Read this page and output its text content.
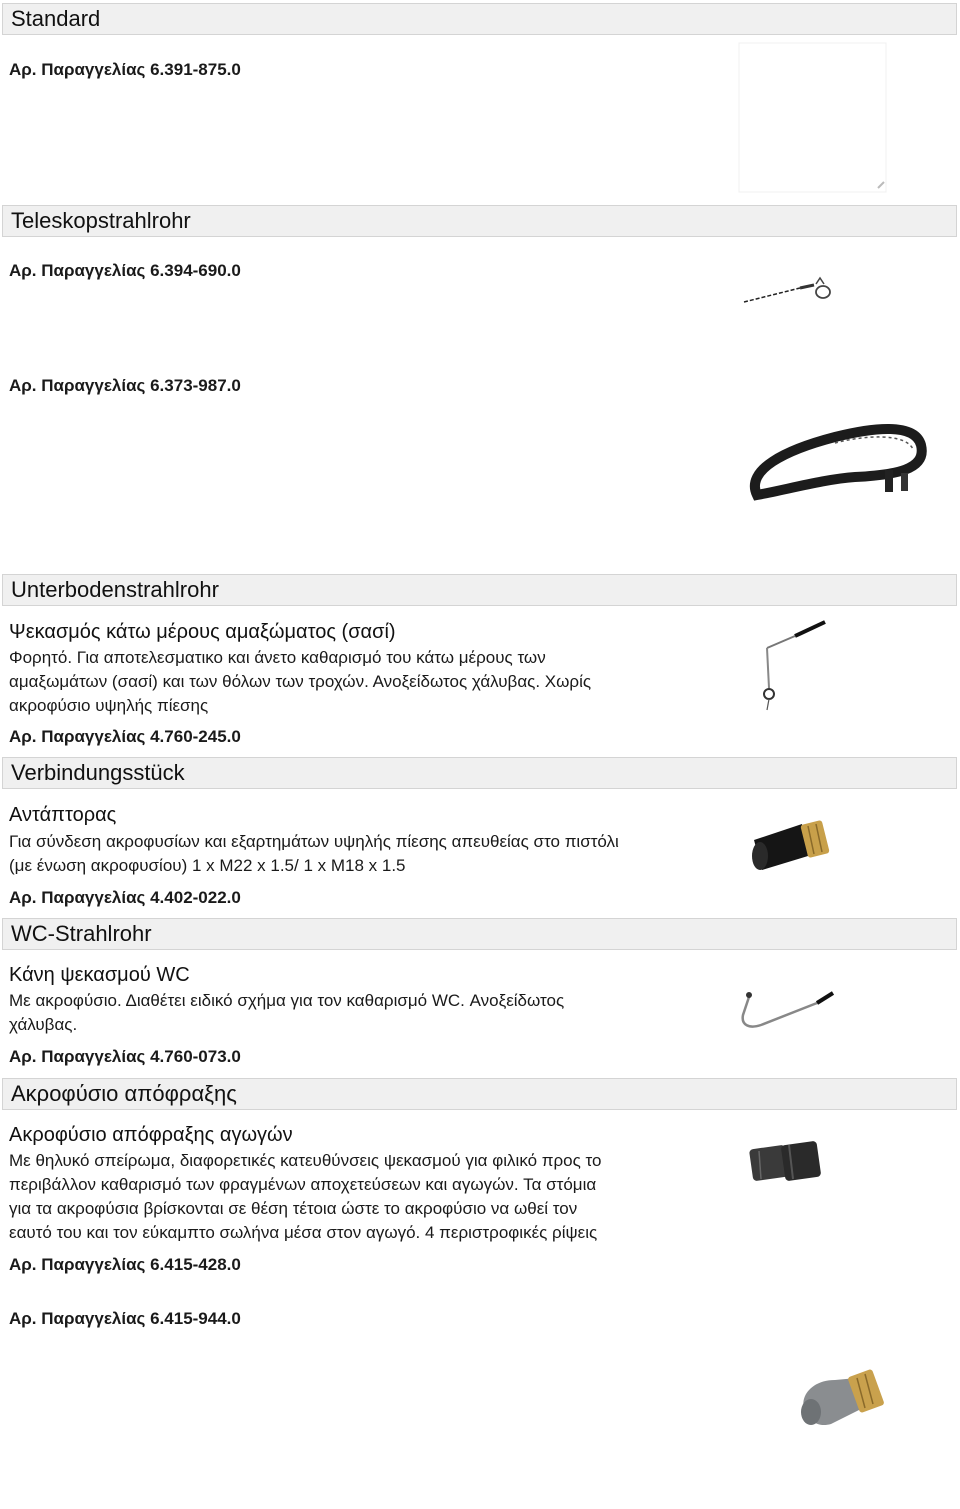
Standard
Αρ. Παραγγελίας 6.391-875.0
Teleskopstrahlrohr
Αρ. Παραγγελίας 6.394-690.0
Αρ. Παραγγελίας 6.373-987.0
Unterbodenstrahlrohr
Ψεκασμός κάτω μέρους αμαξώματος (σασί)
Φορητό. Για αποτελεσματικο και άνετο καθαρισμό του κάτω μέρους των
αμαξωμάτων (σασί) και των θόλων των τροχών. Ανοξείδωτος χάλυβας. Χωρίς
ακροφύσιο υψηλής πίεσης
Αρ. Παραγγελίας 4.760-245.0
Verbindungsstück
Αντάπτορας
Για σύνδεση ακροφυσίων και εξαρτημάτων υψηλής πίεσης απευθείας στο πιστόλι
(με ένωση ακροφυσίου) 1 x M22 x 1.5/ 1 x M18 x 1.5
Αρ. Παραγγελίας 4.402-022.0
WC-Strahlrohr
Κάνη ψεκασμού WC
Με ακροφύσιο. Διαθέτει ειδικό σχήμα για τον καθαρισμό WC. Ανοξείδωτος
χάλυβας.
Αρ. Παραγγελίας 4.760-073.0
Ακροφύσιο απόφραξης
Ακροφύσιο απόφραξης αγωγών
Με θηλυκό σπείρωμα, διαφορετικές κατευθύνσεις ψεκασμού για φιλικό προς το
περιβάλλον καθαρισμό των φραγμένων αποχετεύσεων και αγωγών. Τα στόμια
για τα ακροφύσια βρίσκονται σε θέση τέτοια ώστε το ακροφύσιο να ωθεί τον
εαυτό του και τον εύκαμπτο σωλήνα μέσα στον αγωγό. 4 περιστροφικές ρίψεις
Αρ. Παραγγελίας 6.415-428.0
Αρ. Παραγγελίας 6.415-944.0
